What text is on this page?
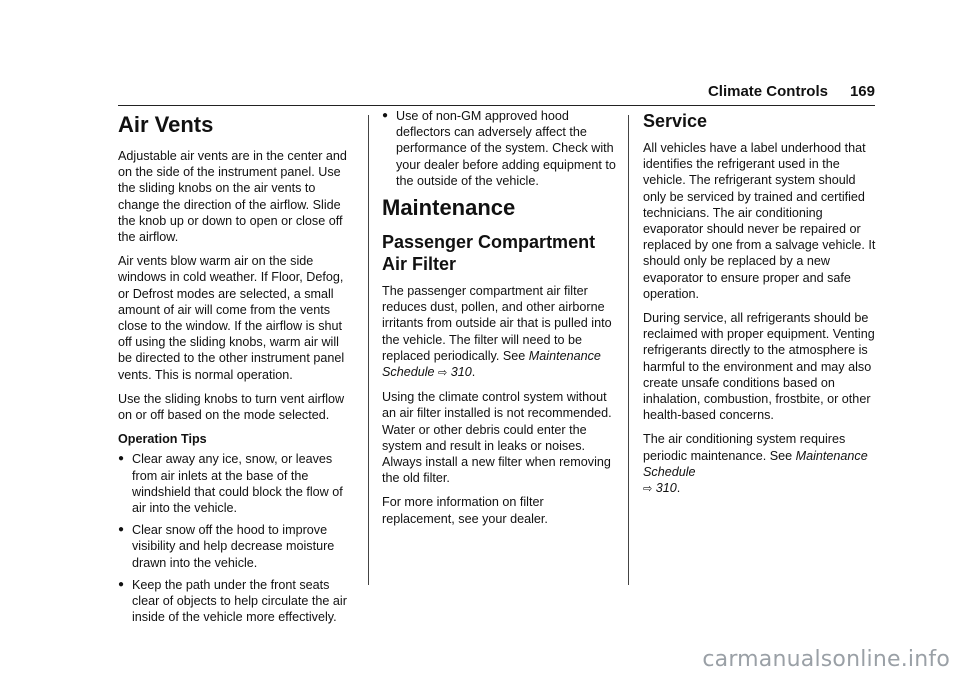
Climate Controls 169
Air Vents

Adjustable air vents are in the center and on the side of the instrument panel. Use the sliding knobs on the air vents to change the direction of the airflow. Slide the knob up or down to open or close off the airflow.

Air vents blow warm air on the side windows in cold weather. If Floor, Defog, or Defrost modes are selected, a small amount of air will come from the vents close to the window. If the airflow is shut off using the sliding knobs, warm air will be directed to the other instrument panel vents. This is normal operation.

Use the sliding knobs to turn vent airflow on or off based on the mode selected.

Operation Tips

● Clear away any ice, snow, or leaves from air inlets at the base of the windshield that could block the flow of air into the vehicle.
● Clear snow off the hood to improve visibility and help decrease moisture drawn into the vehicle.
● Keep the path under the front seats clear of objects to help circulate the air inside of the vehicle more effectively.
● Use of non-GM approved hood deflectors can adversely affect the performance of the system. Check with your dealer before adding equipment to the outside of the vehicle.
Maintenance
Passenger Compartment Air Filter

The passenger compartment air filter reduces dust, pollen, and other airborne irritants from outside air that is pulled into the vehicle. The filter will need to be replaced periodically. See Maintenance Schedule ⇨ 310.

Using the climate control system without an air filter installed is not recommended. Water or other debris could enter the system and result in leaks or noises. Always install a new filter when removing the old filter.

For more information on filter replacement, see your dealer.

Service

All vehicles have a label underhood that identifies the refrigerant used in the vehicle. The refrigerant system should only be serviced by trained and certified technicians. The air conditioning evaporator should never be repaired or replaced by one from a salvage vehicle. It should only be replaced by a new evaporator to ensure proper and safe operation.

During service, all refrigerants should be reclaimed with proper equipment. Venting refrigerants directly to the atmosphere is harmful to the environment and may also create unsafe conditions based on inhalation, combustion, frostbite, or other health-based concerns.

The air conditioning system requires periodic maintenance. See Maintenance Schedule
⇨ 310.

carmanualsonline.info
